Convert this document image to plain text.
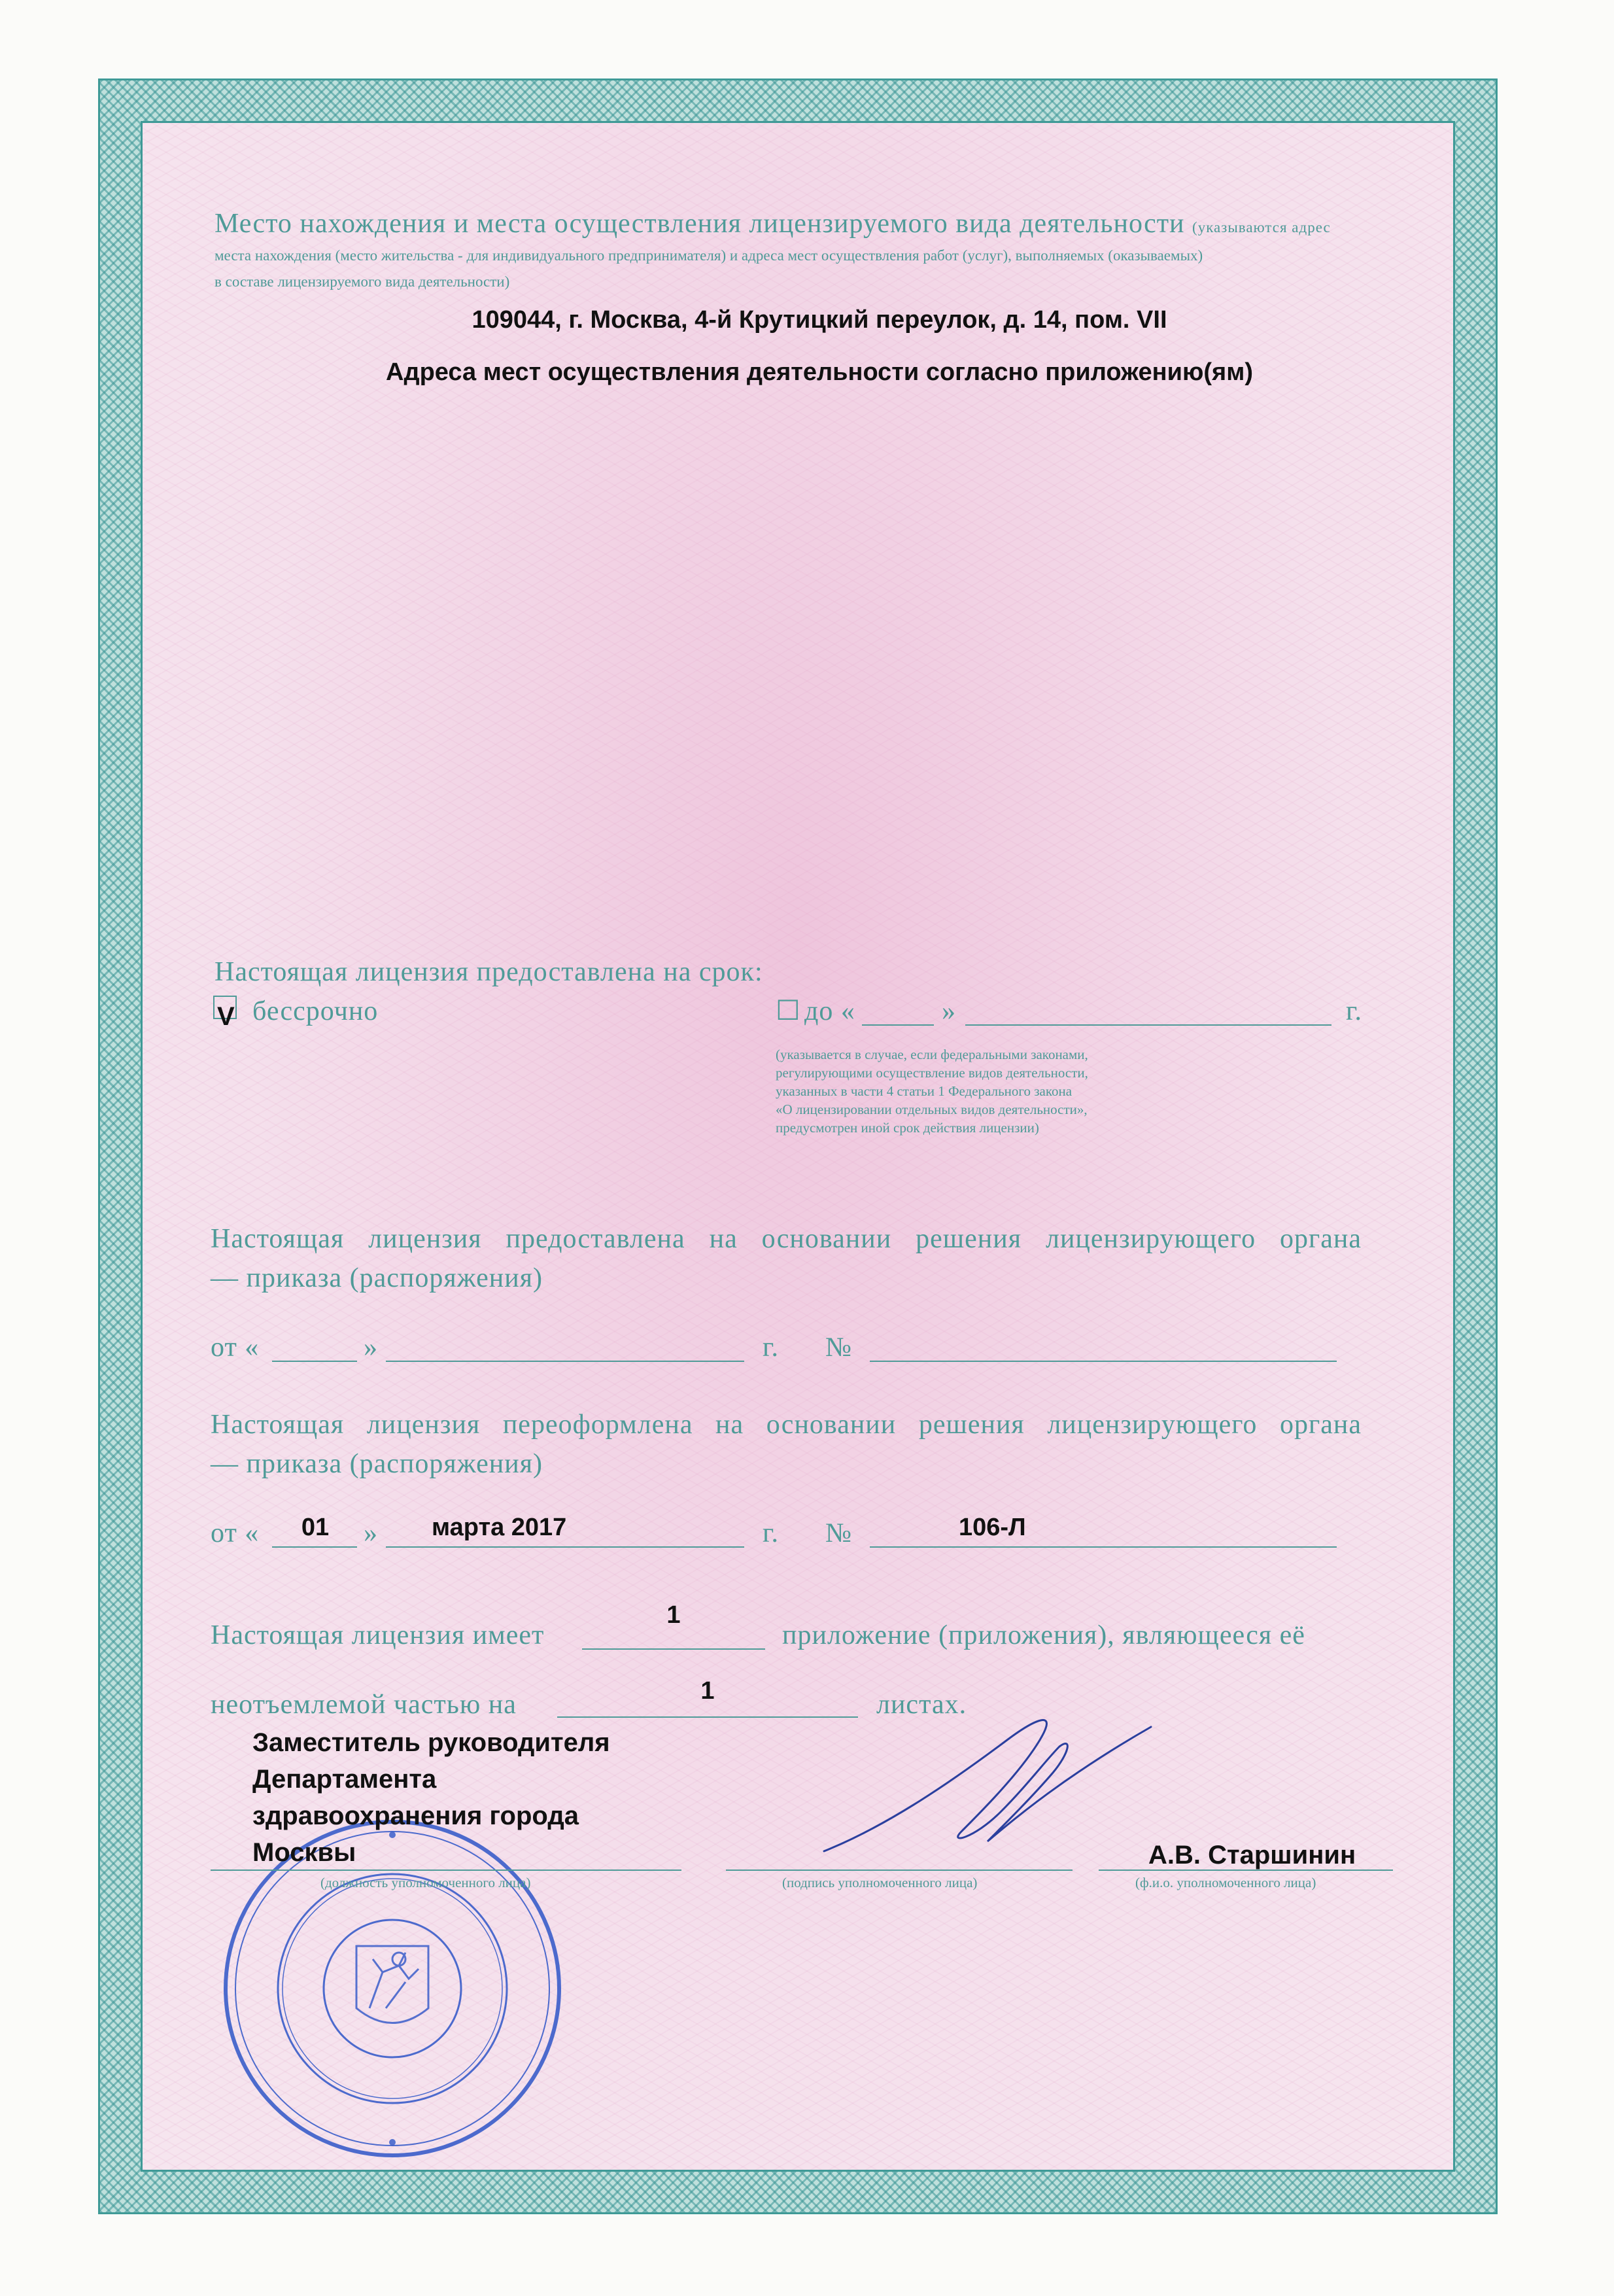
Место нахождения и места осуществления лицензируемого вида деятельности (указываются адрес
места нахождения (место жительства - для индивидуального предпринимателя) и адреса мест осуществления работ (услуг), выполняемых (оказываемых)
в составе лицензируемого вида деятельности)
109044, г. Москва, 4-й Крутицкий переулок, д. 14, пом. VII
Адреса мест осуществления деятельности согласно приложению(ям)
Настоящая лицензия предоставлена на срок:
V бессрочно	☐ до «	»	г.
(указывается в случае, если федеральными законами,
регулирующими осуществление видов деятельности,
указанных в части 4 статьи 1 Федерального закона
«О лицензировании отдельных видов деятельности»,
предусмотрен иной срок действия лицензии)
Настоящая лицензия предоставлена на основании решения лицензирующего органа
— приказа (распоряжения)
от «	»	г. №
Настоящая лицензия переоформлена на основании решения лицензирующего органа
— приказа (распоряжения)
от «	01	» марта 2017	г. №	106-Л
Настоящая лицензия имеет
1
приложение (приложения), являющееся её
неотъемлемой частью на	1	листах.
Заместитель руководителя
Департамента
здравоохранения города
Москвы
(должность уполномоченного лица)	(подпись уполномоченного лица)
А.В. Старшинин
(ф.и.о. уполномоченного лица)
